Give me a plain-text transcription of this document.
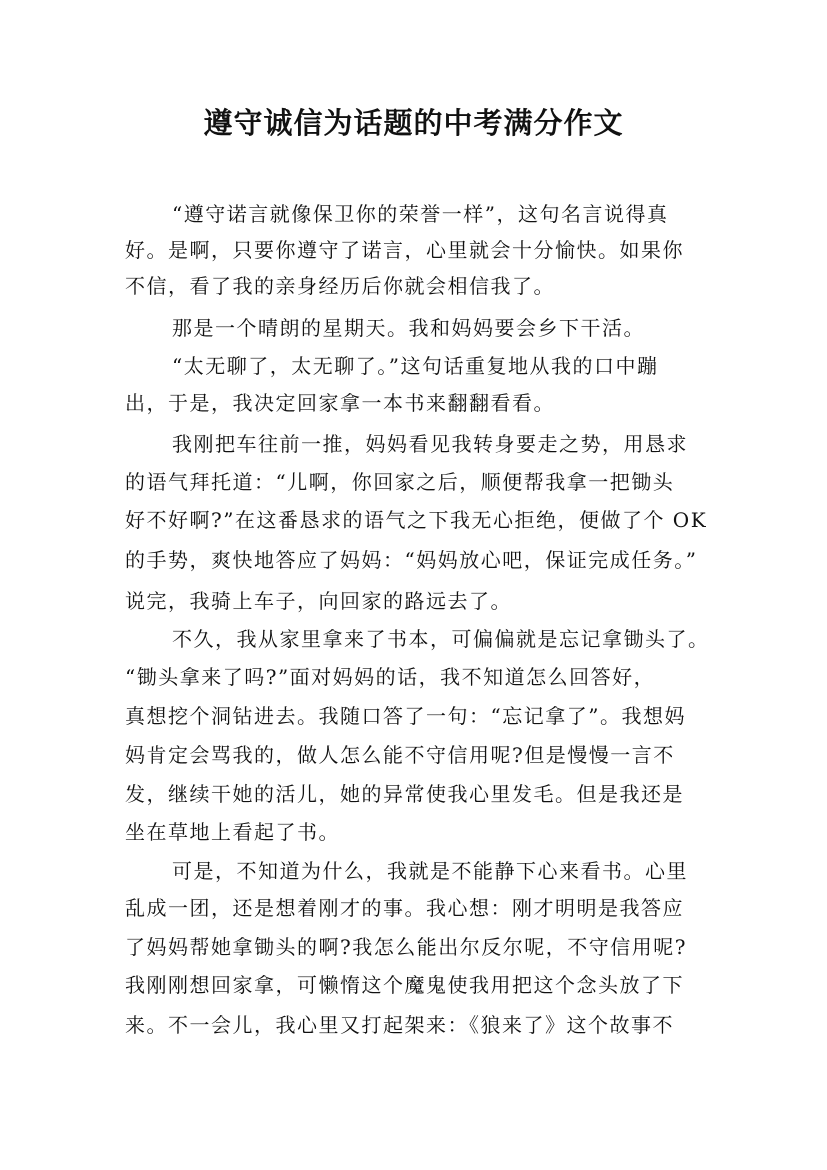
遵守诚信为话题的中考满分作文
“遵守诺言就像保卫你的荣誉一样”，这句名言说得真
好。是啊，只要你遵守了诺言，心里就会十分愉快。如果你
不信，看了我的亲身经历后你就会相信我了。
那是一个晴朗的星期天。我和妈妈要会乡下干活。
“太无聊了，太无聊了。”这句话重复地从我的口中蹦
出，于是，我决定回家拿一本书来翻翻看看。
我刚把车往前一推，妈妈看见我转身要走之势，用恳求
的语气拜托道：“儿啊，你回家之后，顺便帮我拿一把锄头
好不好啊?”在这番恳求的语气之下我无心拒绝，便做了个 OK
的手势，爽快地答应了妈妈：“妈妈放心吧，保证完成任务。”
说完，我骑上车子，向回家的路远去了。
不久，我从家里拿来了书本，可偏偏就是忘记拿锄头了。
“锄头拿来了吗?”面对妈妈的话，我不知道怎么回答好，
真想挖个洞钻进去。我随口答了一句：“忘记拿了”。我想妈
妈肯定会骂我的，做人怎么能不守信用呢?但是慢慢一言不
发，继续干她的活儿，她的异常使我心里发毛。但是我还是
坐在草地上看起了书。
可是，不知道为什么，我就是不能静下心来看书。心里
乱成一团，还是想着刚才的事。我心想：刚才明明是我答应
了妈妈帮她拿锄头的啊?我怎么能出尔反尔呢，不守信用呢?
我刚刚想回家拿，可懒惰这个魔鬼使我用把这个念头放了下
来。不一会儿，我心里又打起架来：《狼来了》这个故事不
